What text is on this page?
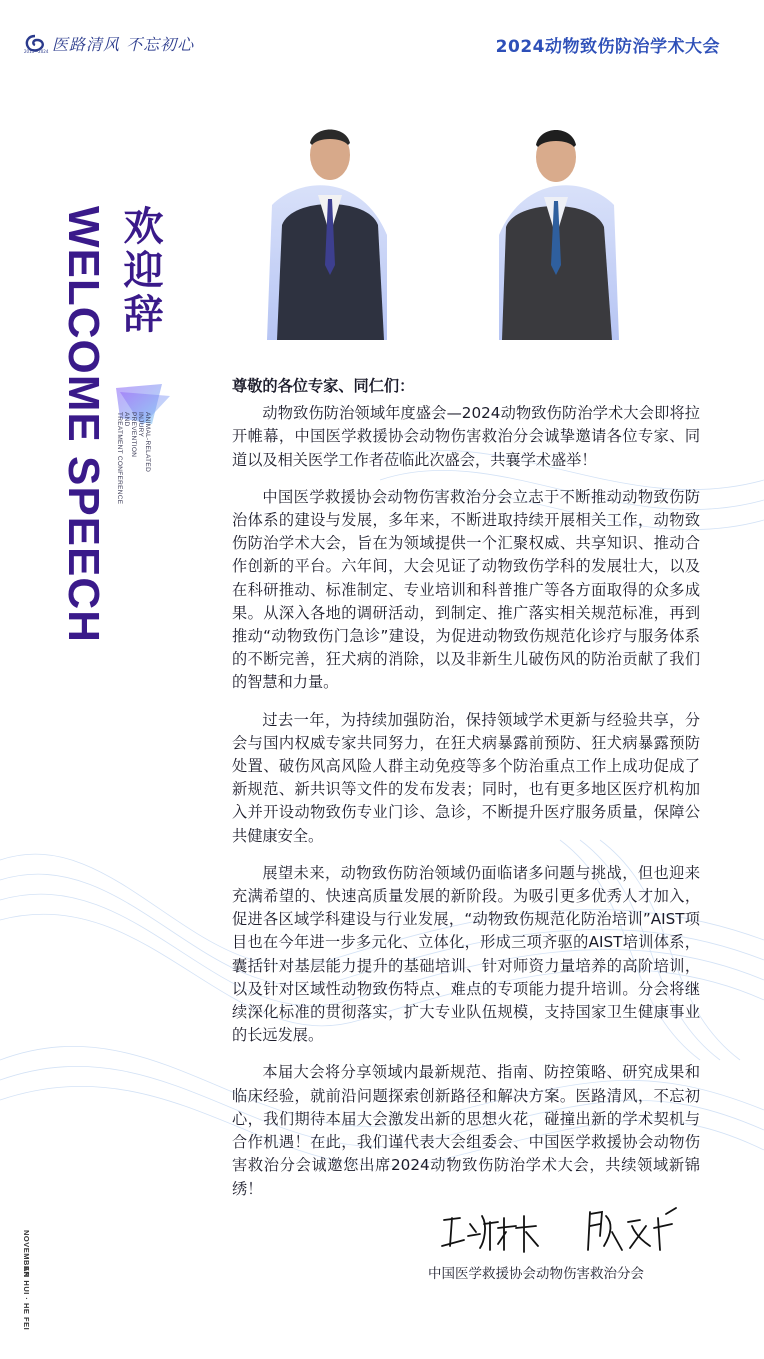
2015—2024 医路清风 不忘初心	2024动物致伤防治学术大会
欢迎辞
WELCOME SPEECH	ANIMAL-RELATED
INJURY
PREVENTION
AND
TREATMENT CONFERENCE

尊敬的各位专家、同仁们：

动物致伤防治领域年度盛会—2024动物致伤防治学术大会即将拉开帷幕，中国医学救援协会动物伤害救治分会诚挚邀请各位专家、同道以及相关医学工作者莅临此次盛会，共襄学术盛举！

中国医学救援协会动物伤害救治分会立志于不断推动动物致伤防治体系的建设与发展，多年来，不断进取持续开展相关工作，动物致伤防治学术大会，旨在为领域提供一个汇聚权威、共享知识、推动合作创新的平台。六年间，大会见证了动物致伤学科的发展壮大，以及在科研推动、标准制定、专业培训和科普推广等各方面取得的众多成果。从深入各地的调研活动，到制定、推广落实相关规范标准，再到推动“动物致伤门急诊”建设，为促进动物致伤规范化诊疗与服务体系的不断完善，狂犬病的消除，以及非新生儿破伤风的防治贡献了我们的智慧和力量。

过去一年，为持续加强防治，保持领域学术更新与经验共享，分会与国内权威专家共同努力，在狂犬病暴露前预防、狂犬病暴露预防处置、破伤风高风险人群主动免疫等多个防治重点工作上成功促成了新规范、新共识等文件的发布发表；同时，也有更多地区医疗机构加入并开设动物致伤专业门诊、急诊，不断提升医疗服务质量，保障公共健康安全。

展望未来，动物致伤防治领域仍面临诸多问题与挑战，但也迎来充满希望的、快速高质量发展的新阶段。为吸引更多优秀人才加入，促进各区域学科建设与行业发展，“动物致伤规范化防治培训”AIST项目也在今年进一步多元化、立体化，形成三项齐驱的AIST培训体系，囊括针对基层能力提升的基础培训、针对师资力量培养的高阶培训，以及针对区域性动物致伤特点、难点的专项能力提升培训。分会将继续深化标准的贯彻落实，扩大专业队伍规模，支持国家卫生健康事业的长远发展。

本届大会将分享领域内最新规范、指南、防控策略、研究成果和临床经验，就前沿问题探索创新路径和解决方案。医路清风，不忘初心，我们期待本届大会激发出新的思想火花，碰撞出新的学术契机与合作机遇！在此，我们谨代表大会组委会、中国医学救援协会动物伤害救治分会诚邀您出席2024动物致伤防治学术大会，共续领域新锦绣！

中国医学救援协会动物伤害救治分会
NOVEMBER
AN HUI · HE FEI
